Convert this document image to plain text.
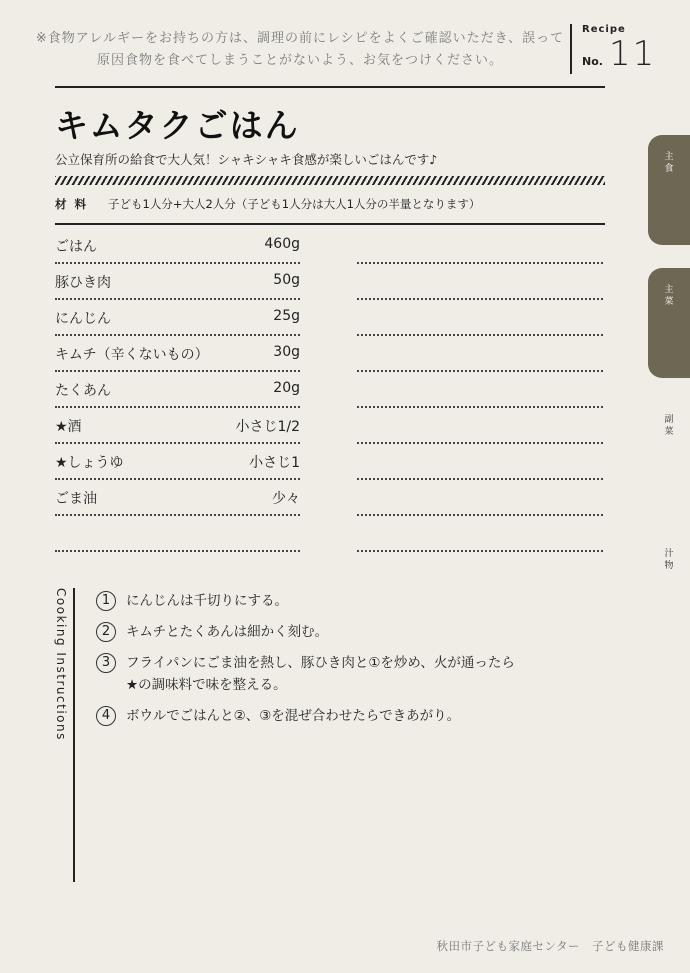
※食物アレルギーをお持ちの方は、調理の前にレシピをよくご確認いただき、誤って原因食物を食べてしまうことがないよう、お気をつけください。
Recipe
No. 11
キムタクごはん
公立保育所の給食で大人気！シャキシャキ食感が楽しいごはんです♪
材料 子ども1人分+大人2人分（子ども1人分は大人1人分の半量となります）
ごはん	460g
豚ひき肉	50g
にんじん	25g
キムチ（辛くないもの）	30g
たくあん	20g
★酒	小さじ1/2
★しょうゆ	小さじ1
ごま油	少々
Cooking Instructions	1	にんじんは千切りにする。
2	キムチとたくあんは細かく刻む。
3	フライパンにごま油を熱し、豚ひき肉と①を炒め、火が通ったら
★の調味料で味を整える。
4	ボウルでごはんと②、③を混ぜ合わせたらできあがり。
主
食
主
菜
副
菜
汁
物
秋田市子ども家庭センター　子ども健康課
